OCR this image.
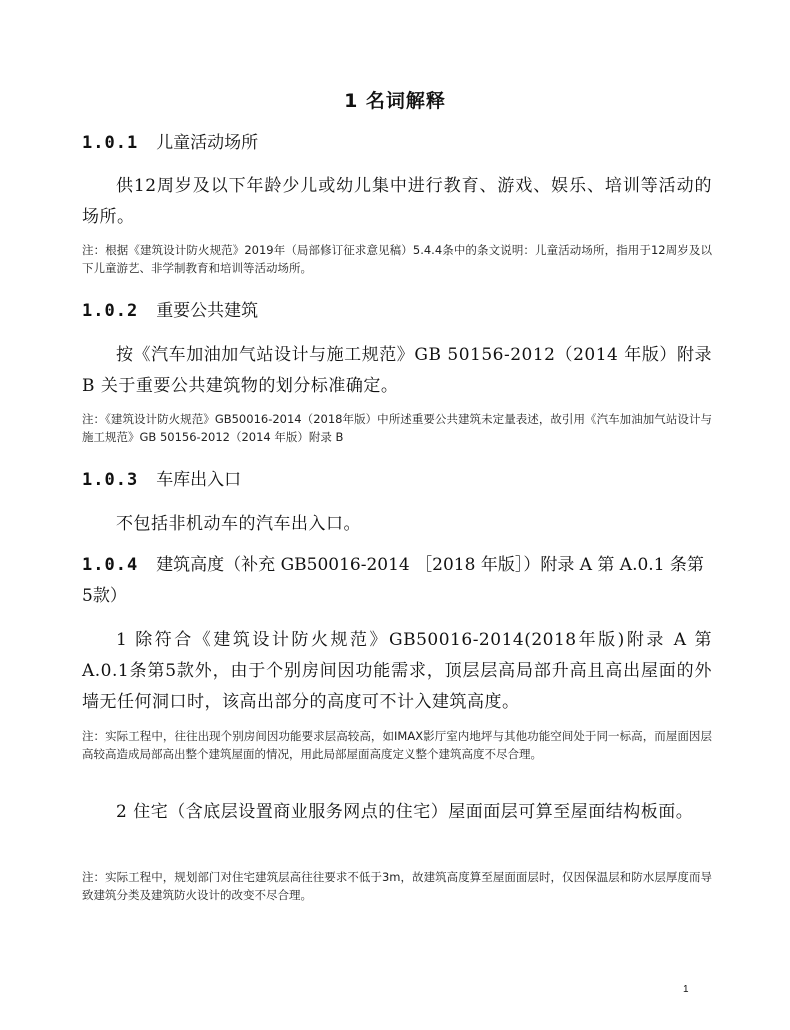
1 名词解释
1.0.1 儿童活动场所
供12周岁及以下年龄少儿或幼儿集中进行教育、游戏、娱乐、培训等活动的场所。
注：根据《建筑设计防火规范》2019年（局部修订征求意见稿）5.4.4条中的条文说明：儿童活动场所，指用于12周岁及以下儿童游艺、非学制教育和培训等活动场所。
1.0.2 重要公共建筑
按《汽车加油加气站设计与施工规范》GB 50156-2012（2014 年版）附录 B 关于重要公共建筑物的划分标准确定。
注：《建筑设计防火规范》GB50016-2014（2018年版）中所述重要公共建筑未定量表述，故引用《汽车加油加气站设计与施工规范》GB 50156-2012（2014 年版）附录 B
1.0.3 车库出入口
不包括非机动车的汽车出入口。
1.0.4 建筑高度（补充 GB50016-2014 ［2018 年版］）附录 A 第 A.0.1 条第5款）
1 除符合《建筑设计防火规范》GB50016-2014(2018年版)附录 A 第A.0.1条第5款外，由于个别房间因功能需求，顶层层高局部升高且高出屋面的外墙无任何洞口时，该高出部分的高度可不计入建筑高度。
注：实际工程中，往往出现个别房间因功能要求层高较高，如IMAX影厅室内地坪与其他功能空间处于同一标高，而屋面因层高较高造成局部高出整个建筑屋面的情况，用此局部屋面高度定义整个建筑高度不尽合理。
2 住宅（含底层设置商业服务网点的住宅）屋面面层可算至屋面结构板面。
注：实际工程中，规划部门对住宅建筑层高往往要求不低于3m，故建筑高度算至屋面面层时，仅因保温层和防水层厚度而导致建筑分类及建筑防火设计的改变不尽合理。
1
